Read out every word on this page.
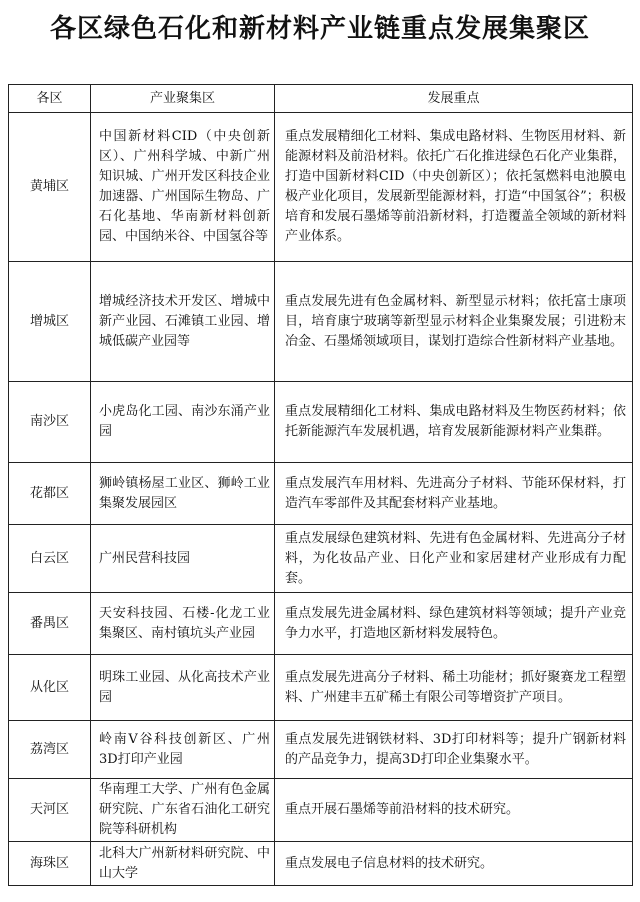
各区绿色石化和新材料产业链重点发展集聚区
各区	产业聚集区	发展重点
黄埔区	中国新材料CID（中央创新区）、广州科学城、中新广州知识城、广州开发区科技企业加速器、广州国际生物岛、广石化基地、华南新材料创新园、中国纳米谷、中国氢谷等	重点发展精细化工材料、集成电路材料、生物医用材料、新能源材料及前沿材料。依托广石化推进绿色石化产业集群，打造中国新材料CID（中央创新区）；依托氢燃料电池膜电极产业化项目，发展新型能源材料，打造“中国氢谷”；积极培育和发展石墨烯等前沿新材料，打造覆盖全领域的新材料产业体系。
增城区	增城经济技术开发区、增城中新产业园、石滩镇工业园、增城低碳产业园等	重点发展先进有色金属材料、新型显示材料；依托富士康项目，培育康宁玻璃等新型显示材料企业集聚发展；引进粉末冶金、石墨烯领域项目，谋划打造综合性新材料产业基地。
南沙区	小虎岛化工园、南沙东涌产业园	重点发展精细化工材料、集成电路材料及生物医药材料；依托新能源汽车发展机遇，培育发展新能源材料产业集群。
花都区	狮岭镇杨屋工业区、狮岭工业集聚发展园区	重点发展汽车用材料、先进高分子材料、节能环保材料，打造汽车零部件及其配套材料产业基地。
白云区	广州民营科技园	重点发展绿色建筑材料、先进有色金属材料、先进高分子材料，为化妆品产业、日化产业和家居建材产业形成有力配套。
番禺区	天安科技园、石楼-化龙工业集聚区、南村镇坑头产业园	重点发展先进金属材料、绿色建筑材料等领域；提升产业竞争力水平，打造地区新材料发展特色。
从化区	明珠工业园、从化高技术产业园	重点发展先进高分子材料、稀土功能材；抓好聚赛龙工程塑料、广州建丰五矿稀土有限公司等增资扩产项目。
荔湾区	岭南V谷科技创新区、广州3D打印产业园	重点发展先进钢铁材料、3D打印材料等；提升广钢新材料的产品竞争力，提高3D打印企业集聚水平。
天河区	华南理工大学、广州有色金属研究院、广东省石油化工研究院等科研机构	重点开展石墨烯等前沿材料的技术研究。
海珠区	北科大广州新材料研究院、中山大学	重点发展电子信息材料的技术研究。
